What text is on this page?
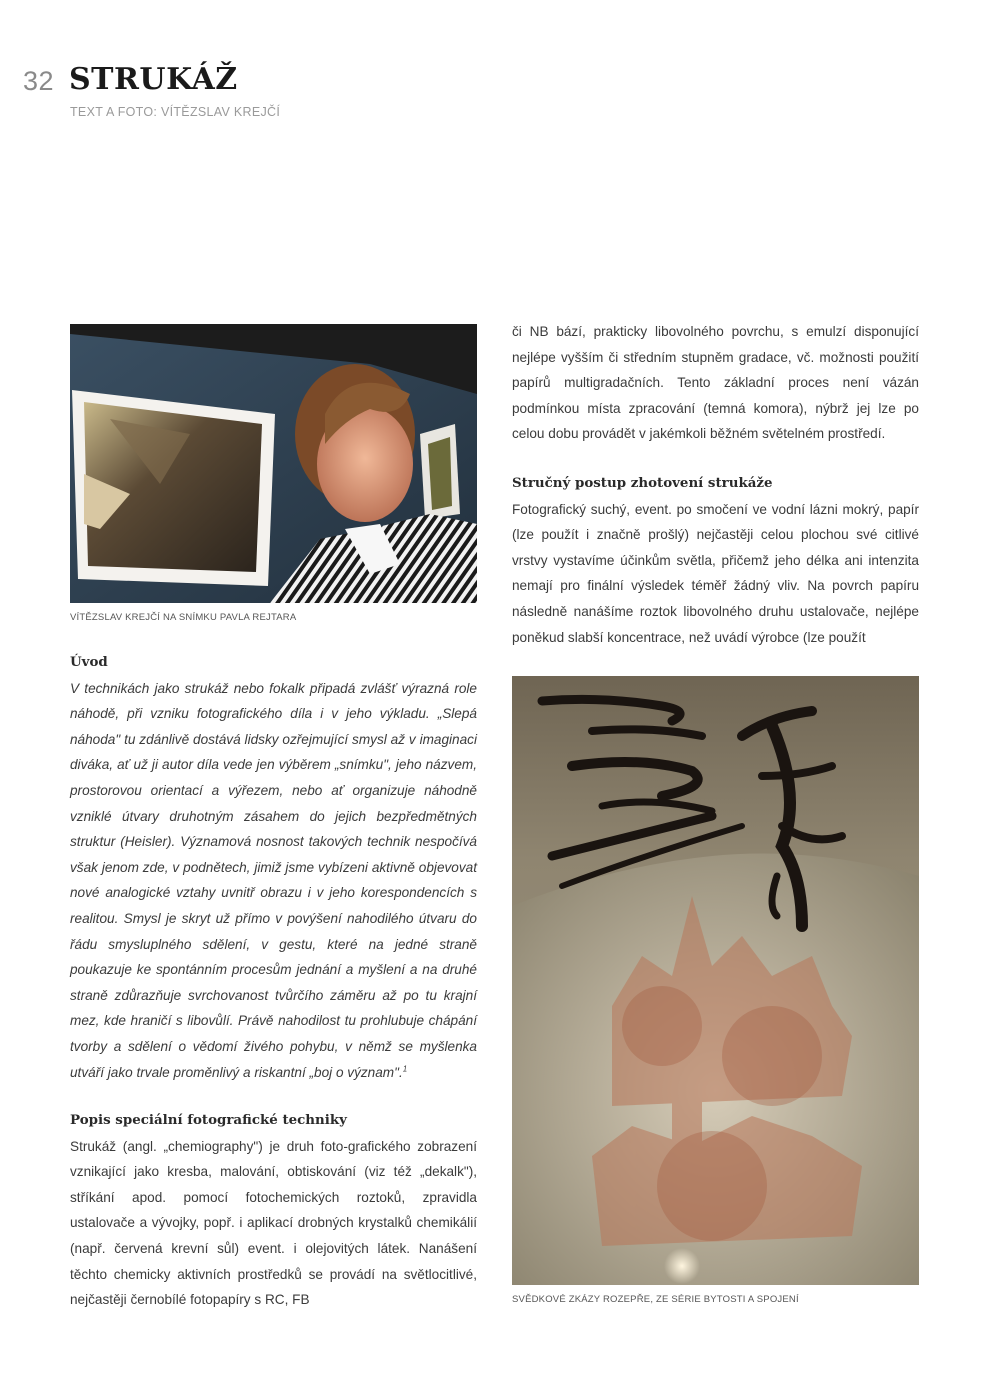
32 STRUKÁŽ
TEXT A FOTO: VÍTĚZSLAV KREJČÍ
VÍTĚZSLAV KREJČÍ NA SNÍMKU PAVLA REJTARA

Úvod

V technikách jako strukáž nebo fokalk připadá zvlášť výrazná role náhodě, při vzniku fotografického díla i v jeho výkladu. „Slepá náhoda" tu zdánlivě dostává lidsky ozřejmující smysl až v imaginaci diváka, ať už ji autor díla vede jen výběrem „snímku", jeho názvem, prostorovou orientací a výřezem, nebo ať organizuje náhodně vzniklé útvary druhotným zásahem do jejich bezpředmětných struktur (Heisler). Významová nosnost takových technik nespočívá však jenom zde, v podnětech, jimiž jsme vybízeni aktivně objevovat nové analogické vztahy uvnitř obrazu i v jeho korespondencích s realitou. Smysl je skryt už přímo v povýšení nahodilého útvaru do řádu smysluplného sdělení, v gestu, které na jedné straně poukazuje ke spontánním procesům jednání a myšlení a na druhé straně zdůrazňuje svrchovanost tvůrčího záměru až po tu krajní mez, kde hraničí s libovůlí. Právě nahodilost tu prohlubuje chápání tvorby a sdělení o vědomí živého pohybu, v němž se myšlenka utváří jako trvale proměnlivý a riskantní „boj o význam".$^1$

Popis speciální fotografické techniky

Strukáž (angl. „chemiography") je druh foto-grafického zobrazení vznikající jako kresba, malování, obtiskování (viz též „dekalk"), stříkání apod. pomocí fotochemických roztoků, zpravidla ustalovače a vývojky, popř. i aplikací drobných krystalků chemikálií (např. červená krevní sůl) event. i olejovitých látek. Nanášení těchto chemicky aktivních prostředků se provádí na světlocitlivé, nejčastěji černobílé fotopapíry s RC, FB

či NB bází, prakticky libovolného povrchu, s emulzí disponující nejlépe vyšším či středním stupněm gradace, vč. možnosti použití papírů multigradačních. Tento základní proces není vázán podmínkou místa zpracování (temná komora), nýbrž jej lze po celou dobu provádět v jakémkoli běžném světelném prostředí.

Stručný postup zhotovení strukáže

Fotografický suchý, event. po smočení ve vodní lázni mokrý, papír (lze použít i značně prošlý) nejčastěji celou plochou své citlivé vrstvy vystavíme účinkům světla, přičemž jeho délka ani intenzita nemají pro finální výsledek téměř žádný vliv. Na povrch papíru následně nanášíme roztok libovolného druhu ustalovače, nejlépe poněkud slabší koncentrace, než uvádí výrobce (lze použít

SVĚDKOVÉ ZKÁZY ROZEPŘE, ZE SÉRIE BYTOSTI A SPOJENÍ
